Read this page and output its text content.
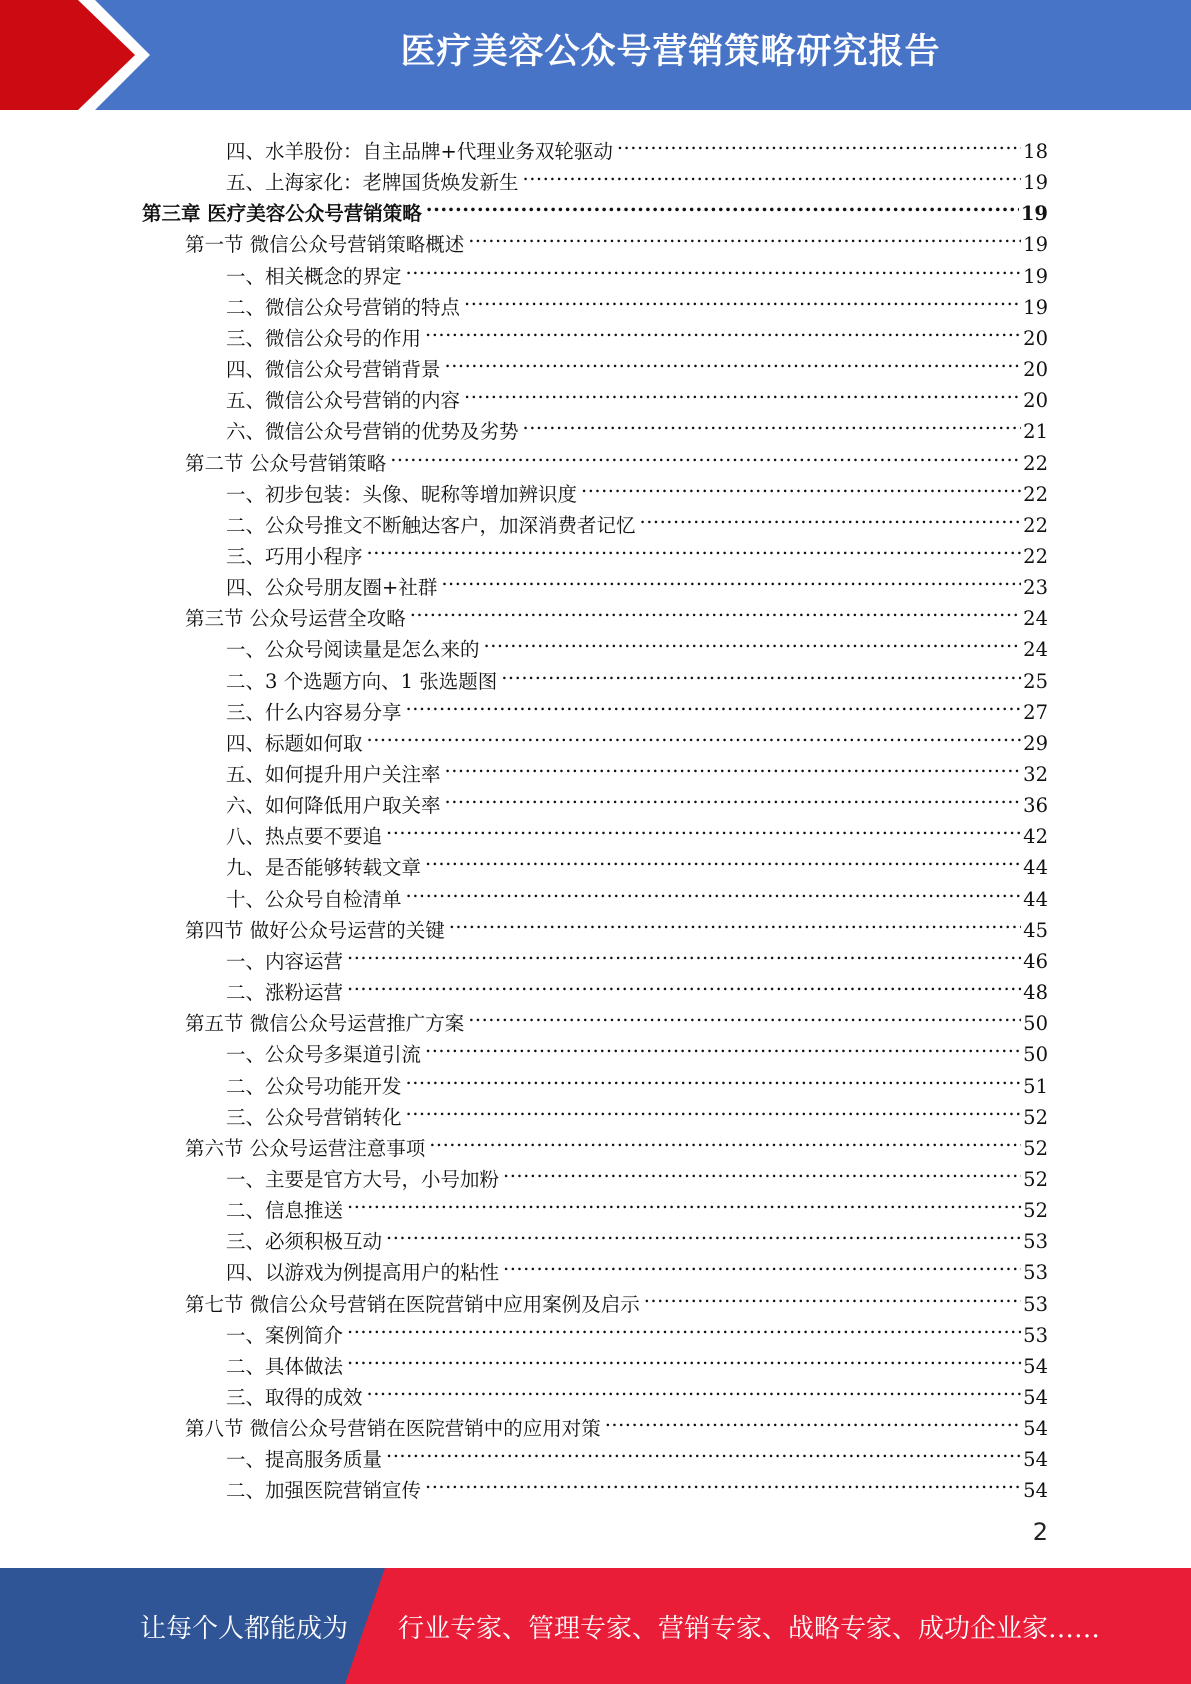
医疗美容公众号营销策略研究报告
四、水羊股份：自主品牌+代理业务双轮驱动 .....	18
五、上海家化：老牌国货焕发新生 .....	19
第三章 医疗美容公众号营销策略 .....	19
第一节 微信公众号营销策略概述 .....	19
一、相关概念的界定 .....	19
二、微信公众号营销的特点 .....	19
三、微信公众号的作用 .....	20
四、微信公众号营销背景 .....	20
五、微信公众号营销的内容 .....	20
六、微信公众号营销的优势及劣势 .....	21
第二节 公众号营销策略 .....	22
一、初步包装：头像、昵称等增加辨识度 .....	22
二、公众号推文不断触达客户，加深消费者记忆 .....	22
三、巧用小程序 .....	22
四、公众号朋友圈+社群 .....	23
第三节 公众号运营全攻略 .....	24
一、公众号阅读量是怎么来的 .....	24
二、3 个选题方向、1 张选题图 .....	25
三、什么内容易分享 .....	27
四、标题如何取 .....	29
五、如何提升用户关注率 .....	32
六、如何降低用户取关率 .....	36
八、热点要不要追 .....	42
九、是否能够转载文章 .....	44
十、公众号自检清单 .....	44
第四节 做好公众号运营的关键 .....	45
一、内容运营 .....	46
二、涨粉运营 .....	48
第五节 微信公众号运营推广方案 .....	50
一、公众号多渠道引流 .....	50
二、公众号功能开发 .....	51
三、公众号营销转化 .....	52
第六节 公众号运营注意事项 .....	52
一、主要是官方大号，小号加粉 .....	52
二、信息推送 .....	52
三、必须积极互动 .....	53
四、以游戏为例提高用户的粘性 .....	53
第七节 微信公众号营销在医院营销中应用案例及启示 .....	53
一、案例简介 .....	53
二、具体做法 .....	54
三、取得的成效 .....	54
第八节 微信公众号营销在医院营销中的应用对策 .....	54
一、提高服务质量 .....	54
二、加强医院营销宣传 .....	54
2
让每个人都能成为 行业专家、管理专家、营销专家、战略专家、成功企业家……
